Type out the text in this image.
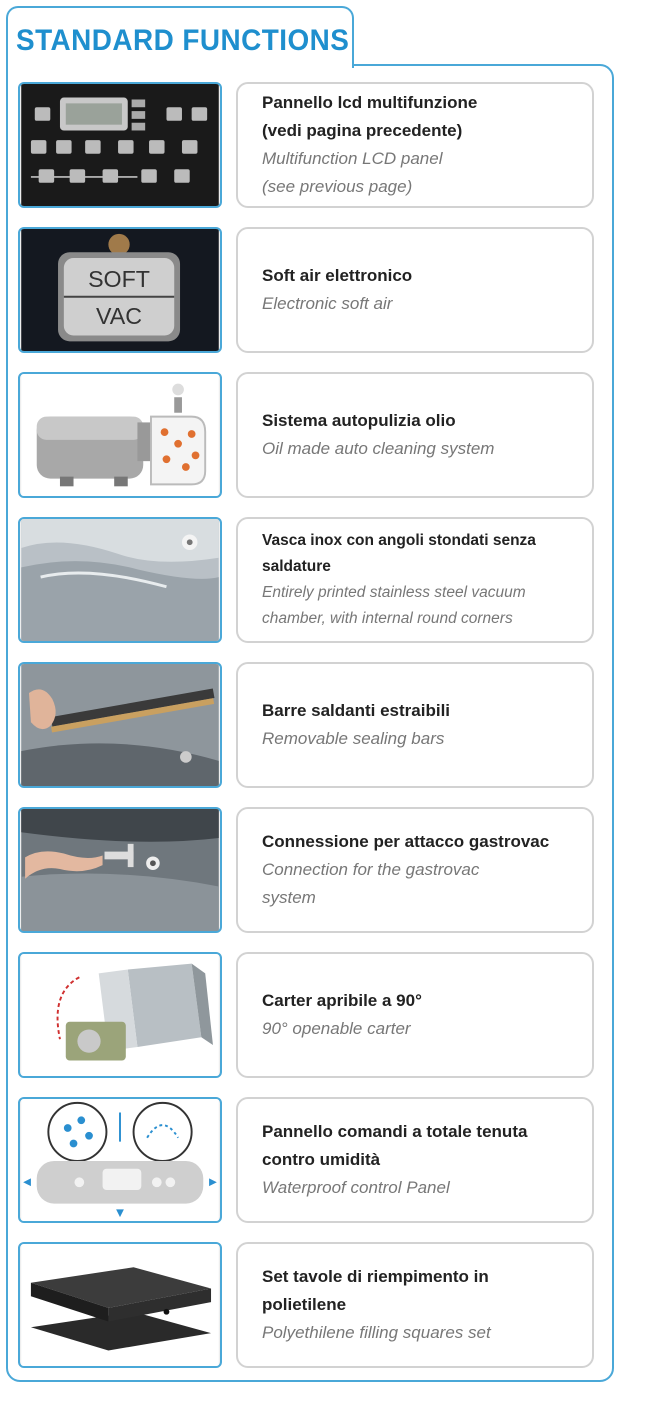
STANDARD FUNCTIONS
Pannello lcd multifunzione
(vedi pagina precedente)
Multifunction LCD panel
(see previous page)
SOFT
VAC
Soft air elettronico
Electronic soft air
Sistema autopulizia olio
Oil made auto cleaning system
Vasca inox con angoli stondati senza
saldature
Entirely printed stainless steel vacuum
chamber, with internal round corners
Barre saldanti estraibili
Removable sealing bars
Connessione per attacco gastrovac
Connection for the gastrovac
system
Carter apribile a 90°
90° openable carter
Pannello comandi a totale tenuta
contro umidità
Waterproof control Panel
Set tavole di riempimento in
polietilene
Polyethilene filling squares set
